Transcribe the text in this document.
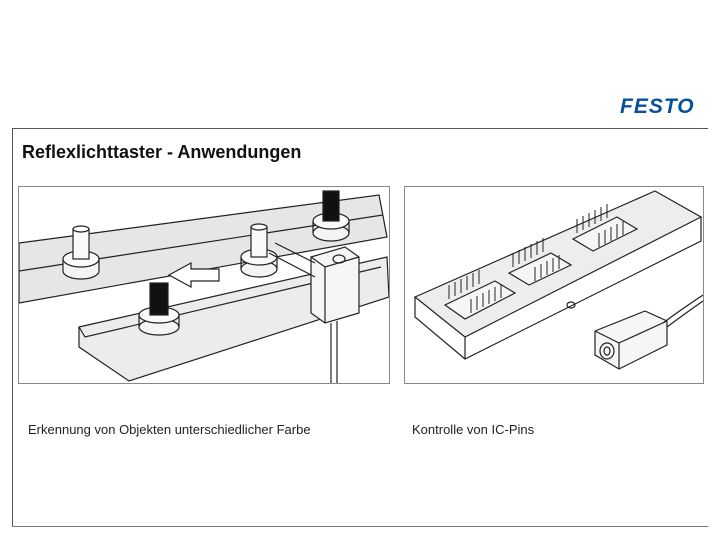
FESTO
Reflexlichttaster - Anwendungen
Erkennung von Objekten unterschiedlicher Farbe	Kontrolle von IC-Pins
